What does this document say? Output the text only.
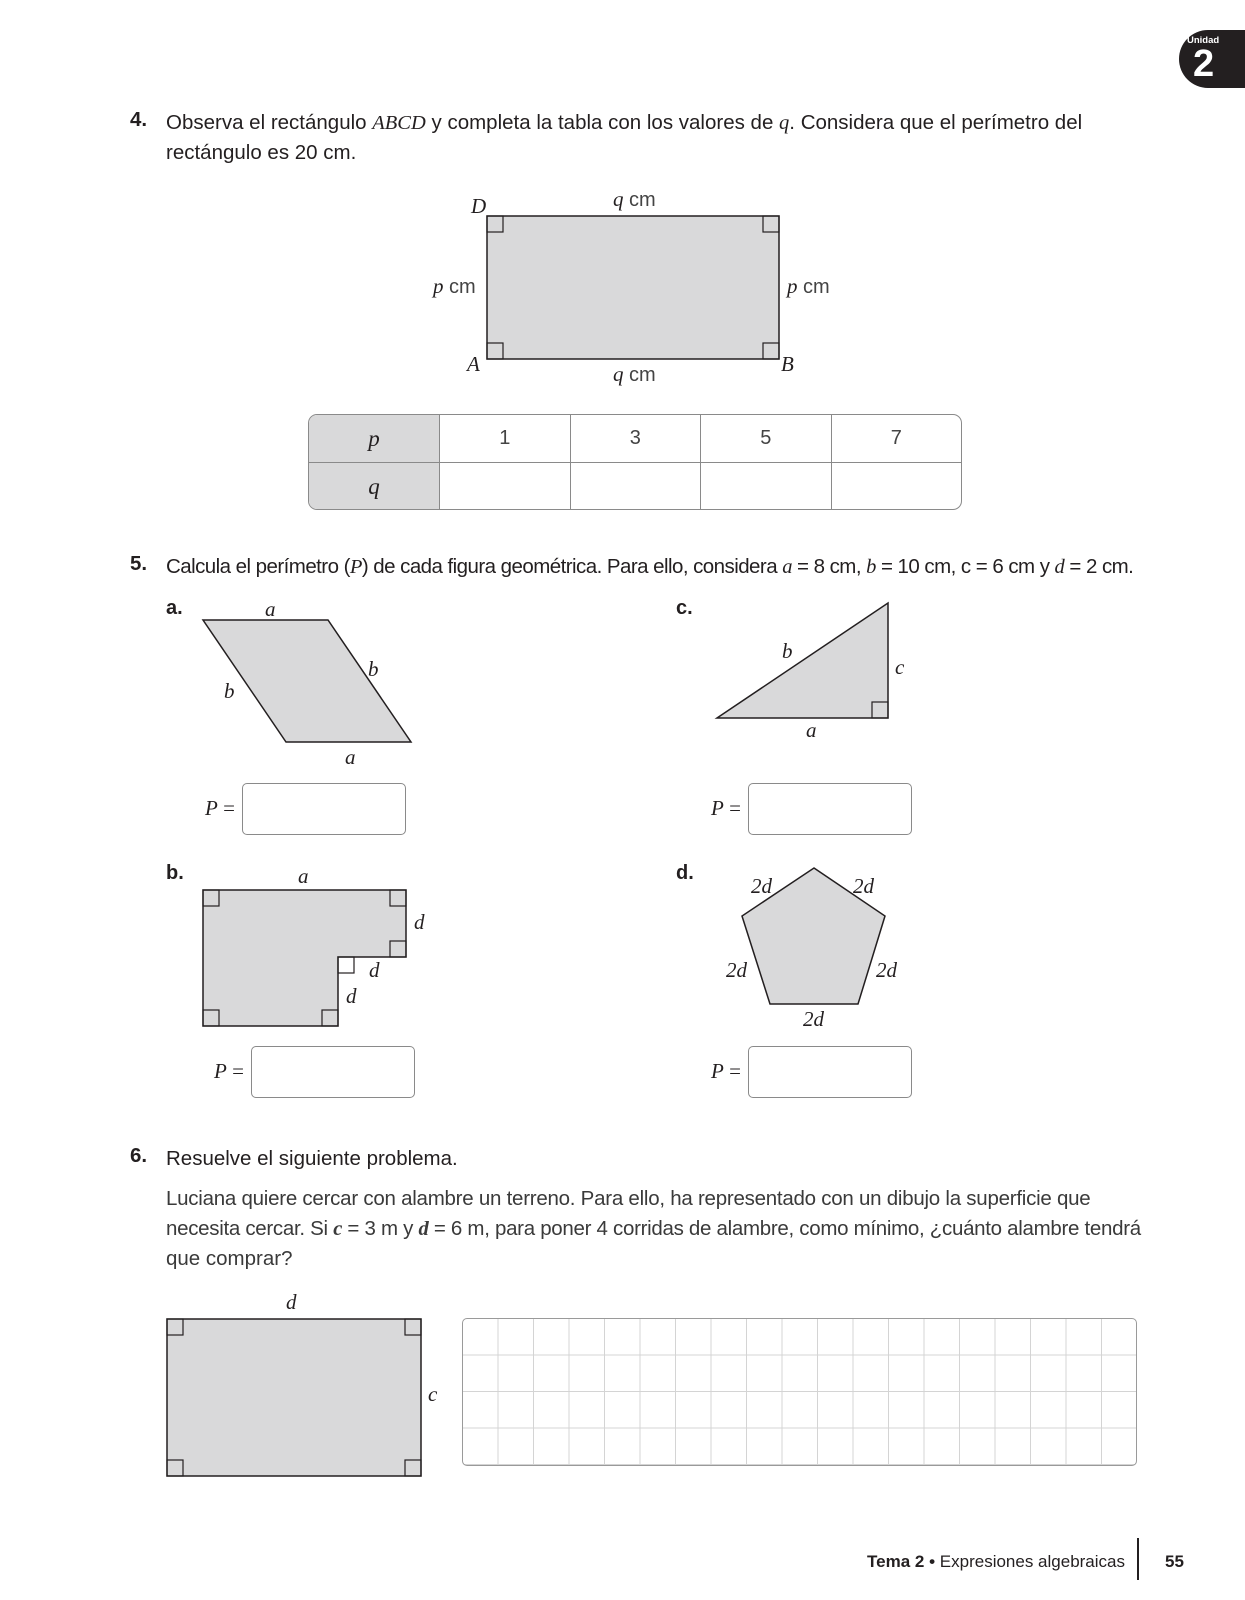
Unidad
2
4. Observa el rectángulo ABCD y completa la tabla con los valores de q. Considera que el perímetro del
rectángulo es 20 cm.
D
A	B
q cm
q cm
p cm	p cm
p	1	3	5	7
q
5. Calcula el perímetro (P) de cada figura geométrica. Para ello, considera a = 8 cm, b = 10 cm, c = 6 cm y d = 2 cm.
a.	a
a
b
b
P =
c.
b
c
a
P =
b.	a
d
d
d
P =
d.
2d	2d
2d	2d
2d
P =
6. Resuelve el siguiente problema.
Luciana quiere cercar con alambre un terreno. Para ello, ha representado con un dibujo la superficie que
necesita cercar. Si c = 3 m y d = 6 m, para poner 4 corridas de alambre, como mínimo, ¿cuánto alambre tendrá
que comprar?
d
c
Tema 2 • Expresiones algebraicas 55
